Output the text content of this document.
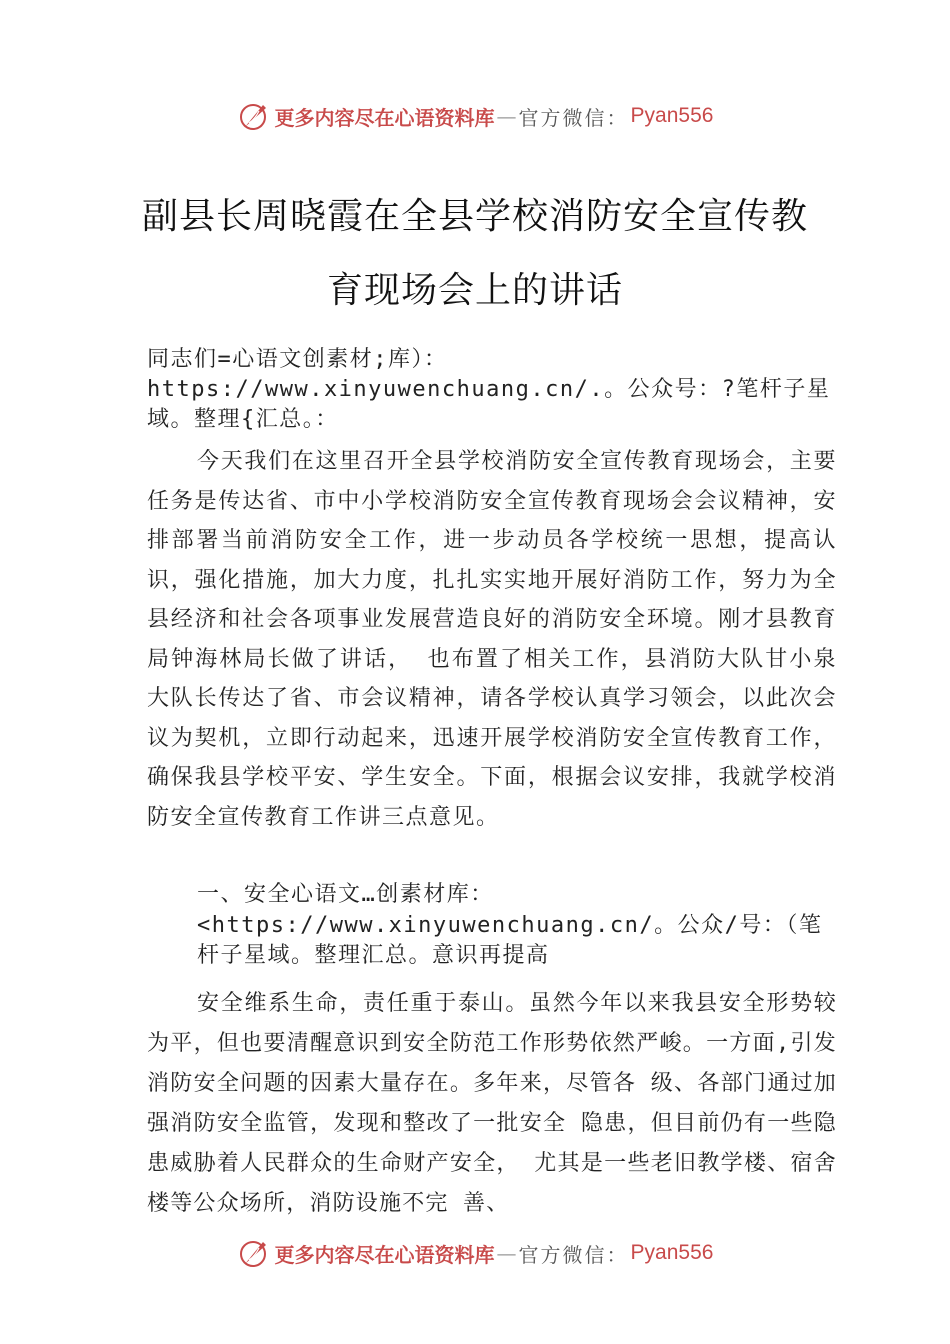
更多内容尽在心语资料库 — 官方微信： Pyan556
副县长周晓霞在全县学校消防安全宣传教
育现场会上的讲话
同志们=心语文创素材;库）：https://www.xinyuwenchuang.cn/.。公众号：?笔杆子星域。整理{汇总。：
今天我们在这里召开全县学校消防安全宣传教育现场会，主要任务是传达省、市中小学校消防安全宣传教育现场会会议精神，安排部署当前消防安全工作，进一步动员各学校统一思想，提高认识，强化措施，加大力度，扎扎实实地开展好消防工作，努力为全县经济和社会各项事业发展营造良好的消防安全环境。刚才县教育局钟海林局长做了讲话， 也布置了相关工作，县消防大队甘小泉大队长传达了省、市会议精神，请各学校认真学习领会，以此次会议为契机，立即行动起来，迅速开展学校消防安全宣传教育工作，确保我县学校平安、学生安全。下面，根据会议安排，我就学校消防安全宣传教育工作讲三点意见。
一、安全心语文…创素材库：<https://www.xinyuwenchuang.cn/。公众/号：（笔杆子星域。整理汇总。意识再提高
安全维系生命，责任重于泰山。虽然今年以来我县安全形势较为平，但也要清醒意识到安全防范工作形势依然严峻。一方面,引发消防安全问题的因素大量存在。多年来，尽管各 级、各部门通过加强消防安全监管，发现和整改了一批安全 隐患，但目前仍有一些隐患威胁着人民群众的生命财产安全， 尤其是一些老旧教学楼、宿舍楼等公众场所，消防设施不完 善、
更多内容尽在心语资料库 — 官方微信： Pyan556
